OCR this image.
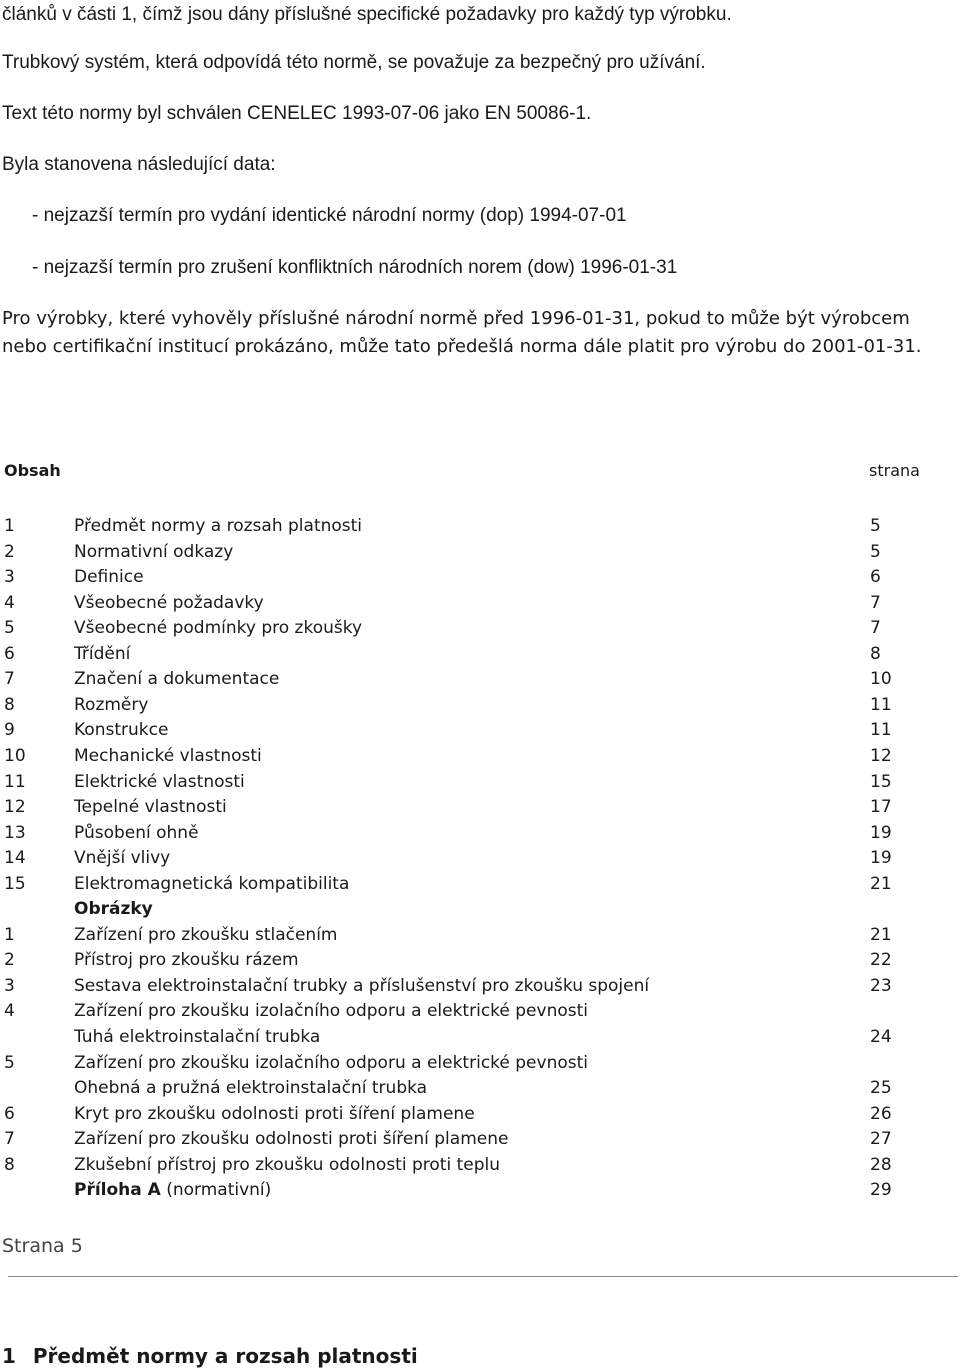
článků v části 1, čímž jsou dány příslušné specifické požadavky pro každý typ výrobku.
Trubkový systém, která odpovídá této normě, se považuje za bezpečný pro užívání.
Text této normy byl schválen CENELEC 1993-07-06 jako EN 50086-1.
Byla stanovena následující data:
- nejzazší termín pro vydání identické národní normy (dop) 1994-07-01
- nejzazší termín pro zrušení konfliktních národních norem (dow) 1996-01-31
Pro výrobky, které vyhověly příslušné národní normě před 1996-01-31, pokud to může být výrobcem
nebo certifikační institucí prokázáno, může tato předešlá norma dále platit pro výrobu do 2001-01-31.
Obsah	strana
1	Předmět normy a rozsah platnosti	5
2	Normativní odkazy	5
3	Definice	6
4	Všeobecné požadavky	7
5	Všeobecné podmínky pro zkoušky	7
6	Třídění	8
7	Značení a dokumentace	10
8	Rozměry	11
9	Konstrukce	11
10	Mechanické vlastnosti	12
11	Elektrické vlastnosti	15
12	Tepelné vlastnosti	17
13	Působení ohně	19
14	Vnější vlivy	19
15	Elektromagnetická kompatibilita	21
Obrázky
1	Zařízení pro zkoušku stlačením	21
2	Přístroj pro zkoušku rázem	22
3	Sestava elektroinstalační trubky a příslušenství pro zkoušku spojení	23
4	Zařízení pro zkoušku izolačního odporu a elektrické pevnosti
Tuhá elektroinstalační trubka	24
5	Zařízení pro zkoušku izolačního odporu a elektrické pevnosti
Ohebná a pružná elektroinstalační trubka	25
6	Kryt pro zkoušku odolnosti proti šíření plamene	26
7	Zařízení pro zkoušku odolnosti proti šíření plamene	27
8	Zkušební přístroj pro zkoušku odolnosti proti teplu	28
Příloha A (normativní)	29
Strana 5
1 Předmět normy a rozsah platnosti
